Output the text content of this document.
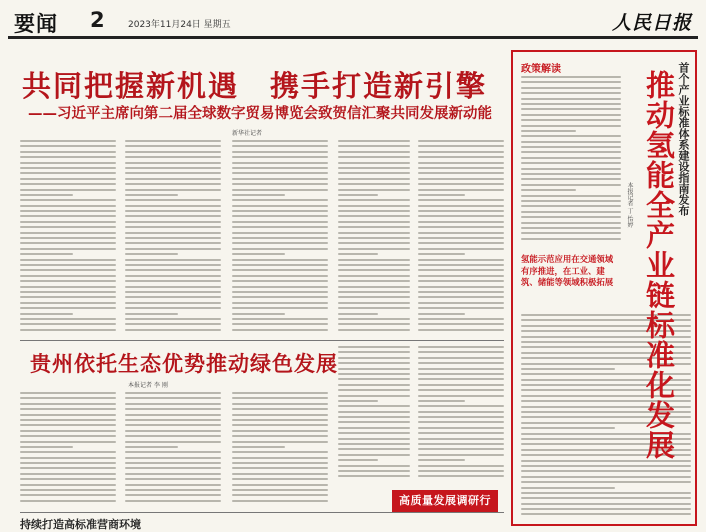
要闻 2	2023年11月24日 星期五	人民日报
共同把握新机遇　携手打造新引擎
——习近平主席向第二届全球数字贸易博览会致贺信汇聚共同发展新动能
新华社记者
贵州依托生态优势推动绿色发展
本报记者 李 刚
高质量发展调研行
持续打造高标准营商环境
政策解读
氢能示范应用在交通领域有序推进，在工业、建筑、储能等领域积极拓展
首个产业标准体系建设指南发布
推动氢能全产业链标准化发展
本报记者 丁 怡婷
